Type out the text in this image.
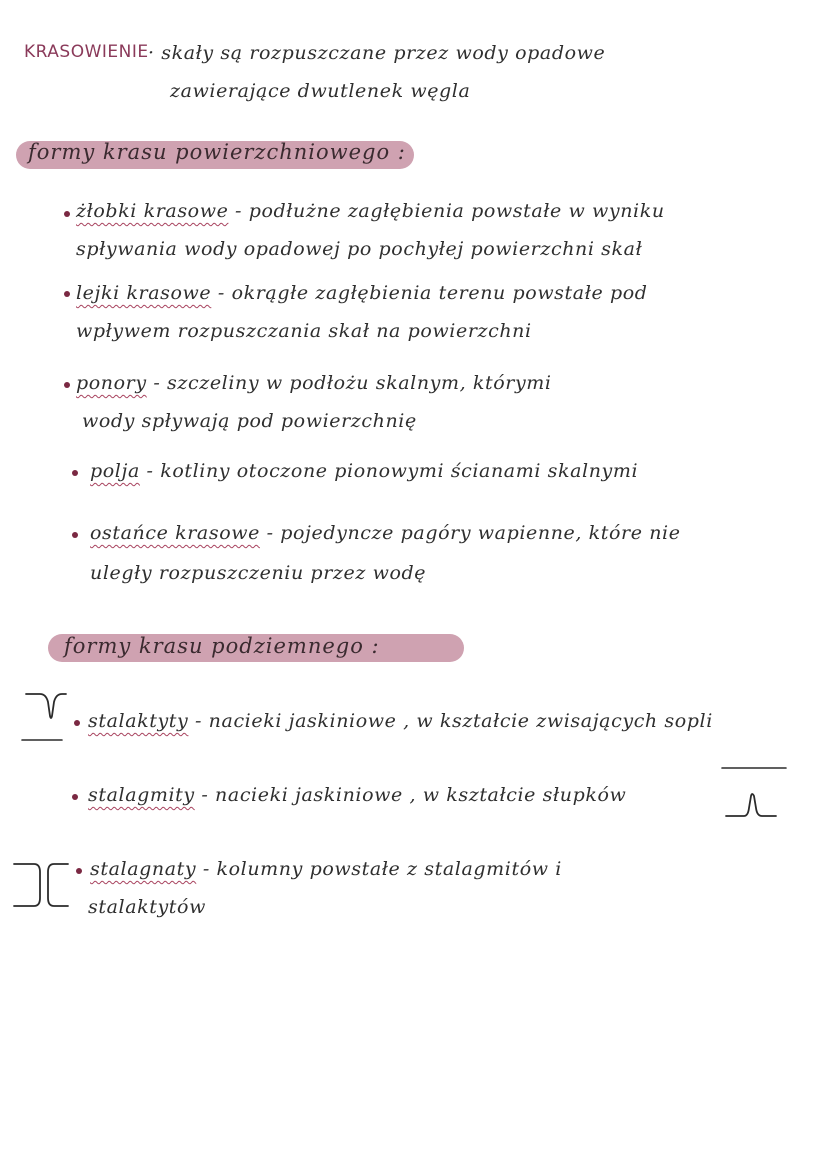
KRASOWIENIE · skały są rozpuszczane przez wody opadowe
zawierające dwutlenek węgla
formy krasu powierzchniowego :
żłobki krasowe - podłużne zagłębienia powstałe w wyniku
spływania wody opadowej po pochyłej powierzchni skał
lejki krasowe - okrągłe zagłębienia terenu powstałe pod
wpływem rozpuszczania skał na powierzchni
ponory - szczeliny w podłożu skalnym, którymi
wody spływają pod powierzchnię
polja - kotliny otoczone pionowymi ścianami skalnymi
ostańce krasowe - pojedyncze pagóry wapienne, które nie
uległy rozpuszczeniu przez wodę
formy krasu podziemnego :
stalaktyty - nacieki jaskiniowe , w kształcie zwisających sopli
stalagmity - nacieki jaskiniowe , w kształcie słupków
stalagnaty - kolumny powstałe z stalagmitów i
stalaktytów
